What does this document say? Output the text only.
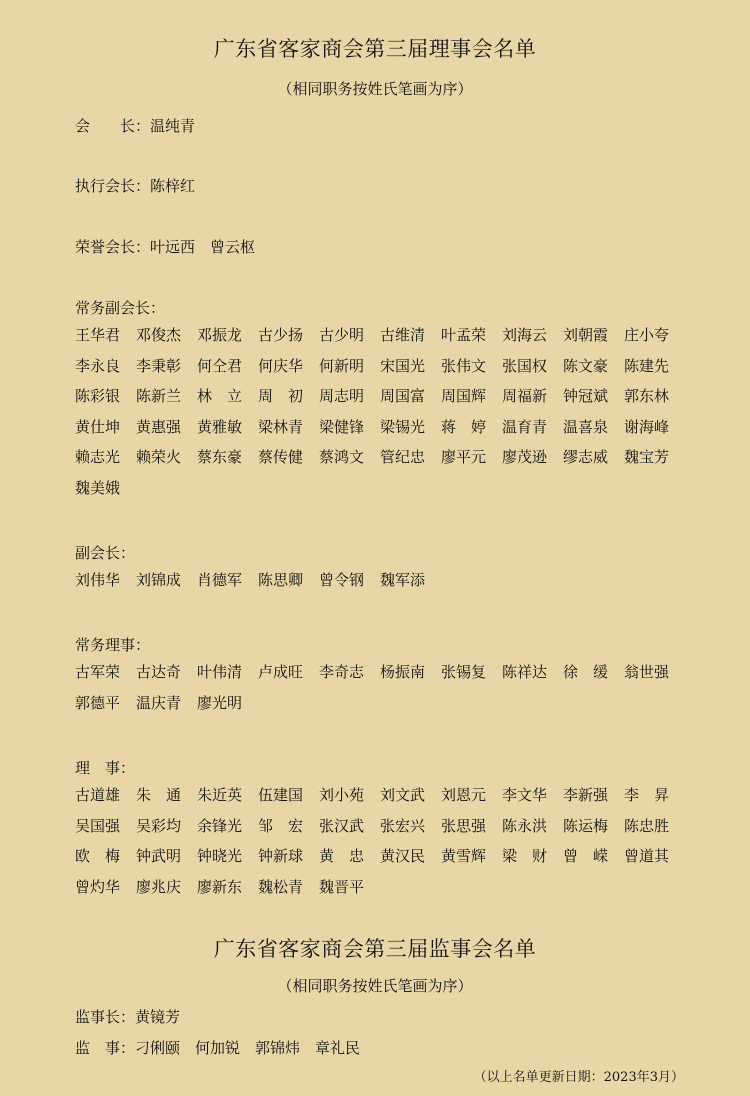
广东省客家商会第三届理事会名单
（相同职务按姓氏笔画为序）
会　　长：温纯青
执行会长：陈梓红
荣誉会长：叶远西　曾云枢
常务副会长：
王华君	邓俊杰	邓振龙	古少扬	古少明	古维清	叶孟荣	刘海云	刘朝霞	庄小夸
李永良	李秉彰	何仝君	何庆华	何新明	宋国光	张伟文	张国权	陈文豪	陈建先
陈彩银	陈新兰	林　立	周　初	周志明	周国富	周国辉	周福新	钟冠斌	郭东林
黄仕坤	黄惠强	黄雅敏	梁林青	梁健锋	梁锡光	蒋　婷	温育青	温喜泉	谢海峰
赖志光	赖荣火	蔡东豪	蔡传健	蔡鸿文	管纪忠	廖平元	廖茂逊	缪志威	魏宝芳
魏美娥
副会长：
刘伟华	刘锦成	肖德军	陈思卿	曾令钢	魏军添
常务理事：
古军荣	古达奇	叶伟清	卢成旺	李奇志	杨振南	张锡复	陈祥达	徐　缓	翁世强
郭德平	温庆青	廖光明
理　事：
古道雄	朱　通	朱近英	伍建国	刘小苑	刘文武	刘恩元	李文华	李新强	李　昇
吴国强	吴彩均	余锋光	邹　宏	张汉武	张宏兴	张思强	陈永洪	陈运梅	陈忠胜
欧　梅	钟武明	钟晓光	钟新球	黄　忠	黄汉民	黄雪辉	梁　财	曾　嵘	曾道其
曾灼华	廖兆庆	廖新东	魏松青	魏晋平
广东省客家商会第三届监事会名单
（相同职务按姓氏笔画为序）
监事长：黄镜芳
监　事：刁俐颐　何加锐　郭锦炜　章礼民
（以上名单更新日期：2023年3月）
